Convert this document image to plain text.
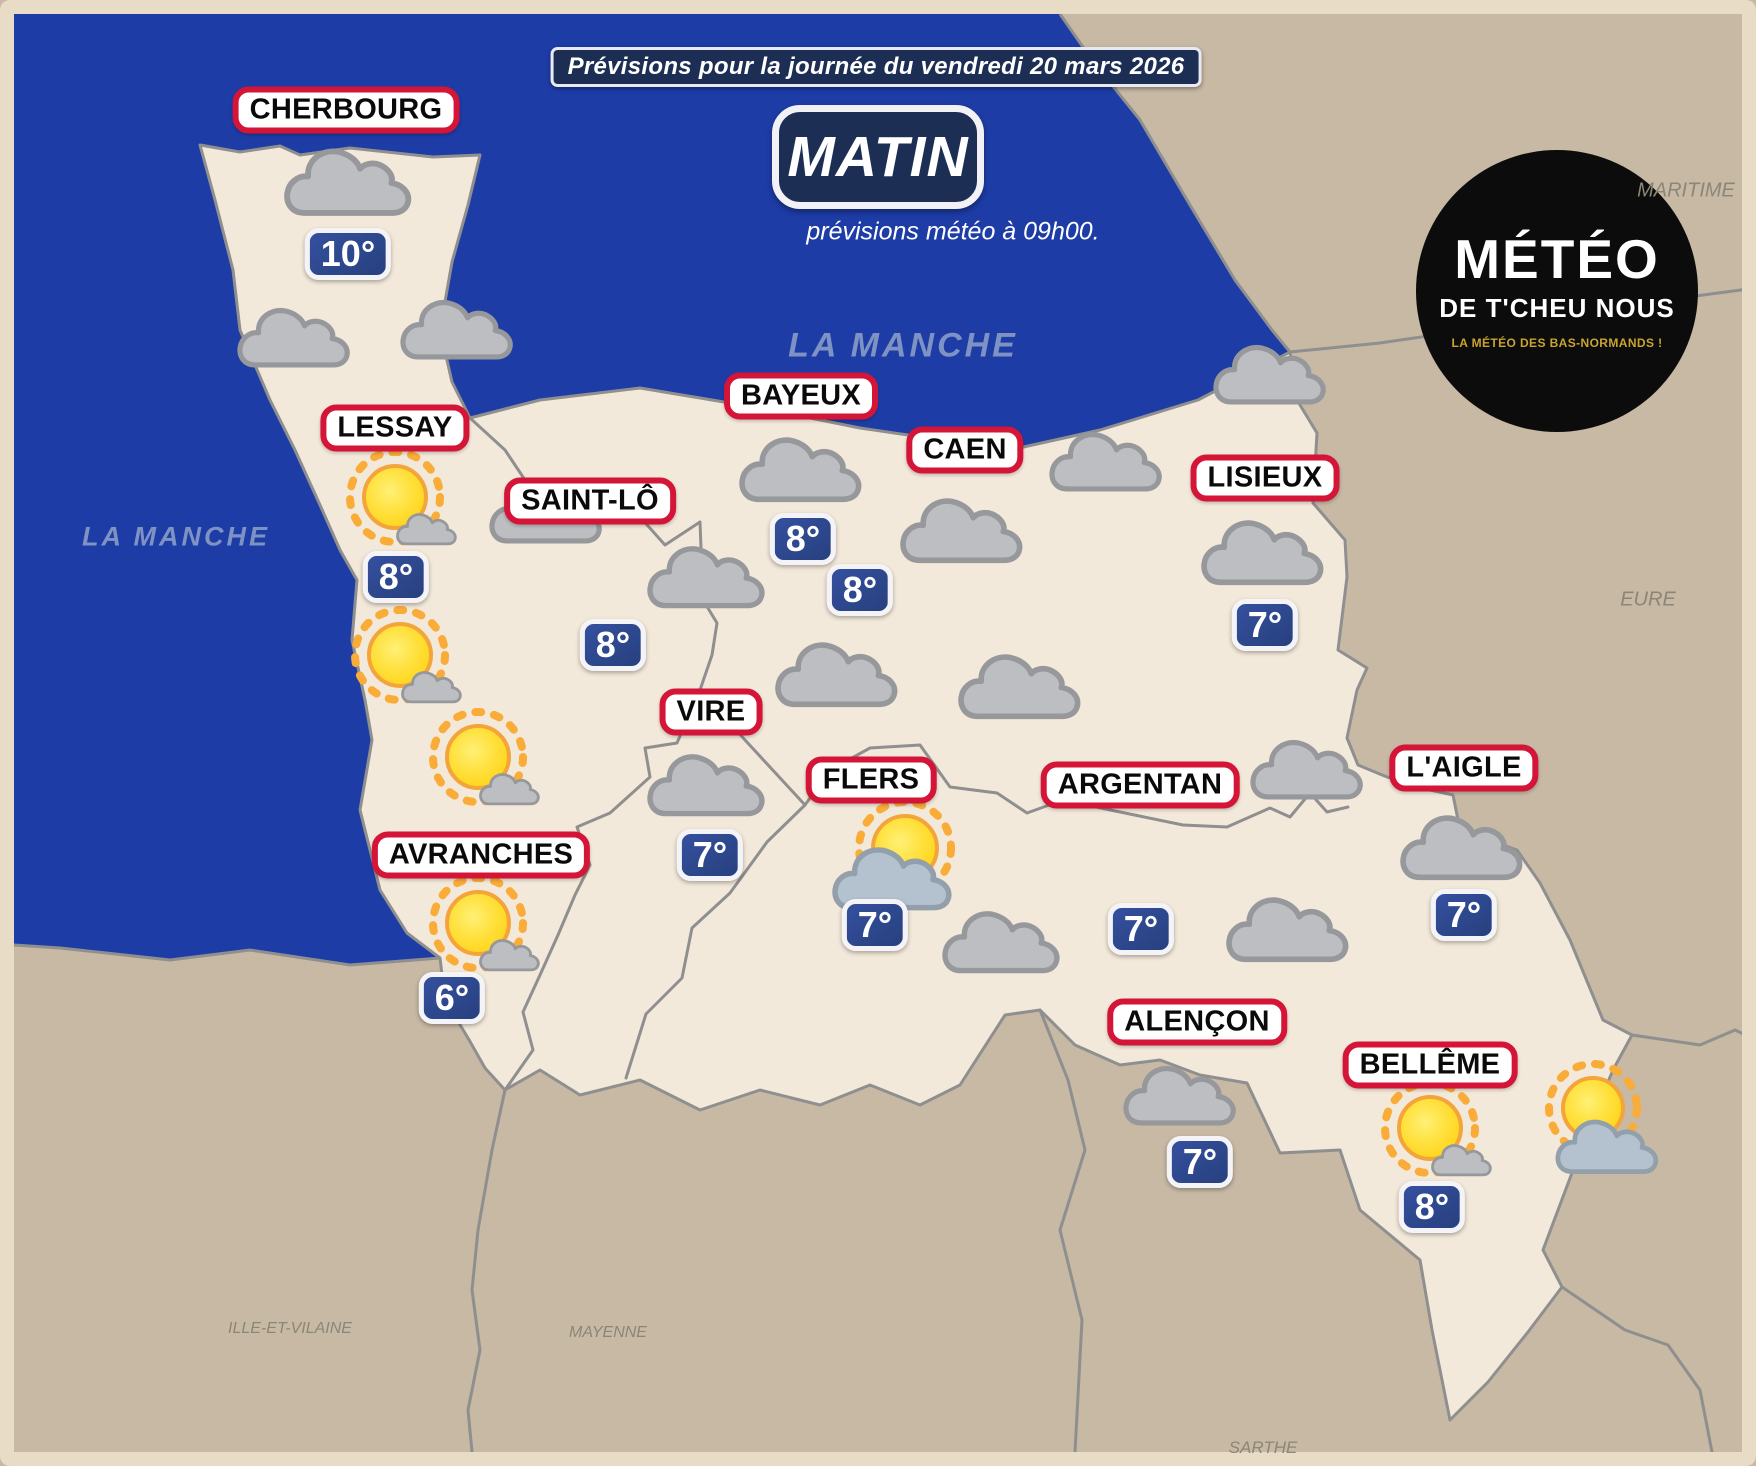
Prévisions pour la journée du vendredi 20 mars 2026
MATIN
prévisions météo à 09h00.	MÉTÉO
DE T'CHEU NOUS
LA MÉTÉO DES BAS-NORMANDS !
LA MANCHE
LA MANCHE
MARITIME
EURE
ILLE-ET-VILAINE	MAYENNE
SARTHE
CHERBOURG
LESSAY
SAINT-LÔ
BAYEUX
CAEN
LISIEUX
VIRE
FLERS	ARGENTAN
L'AIGLE
AVRANCHES
ALENÇON
BELLÊME
10°
8°
8°
8°
8°
7°
7°
7°	7°	7°
6°
7°
8°
